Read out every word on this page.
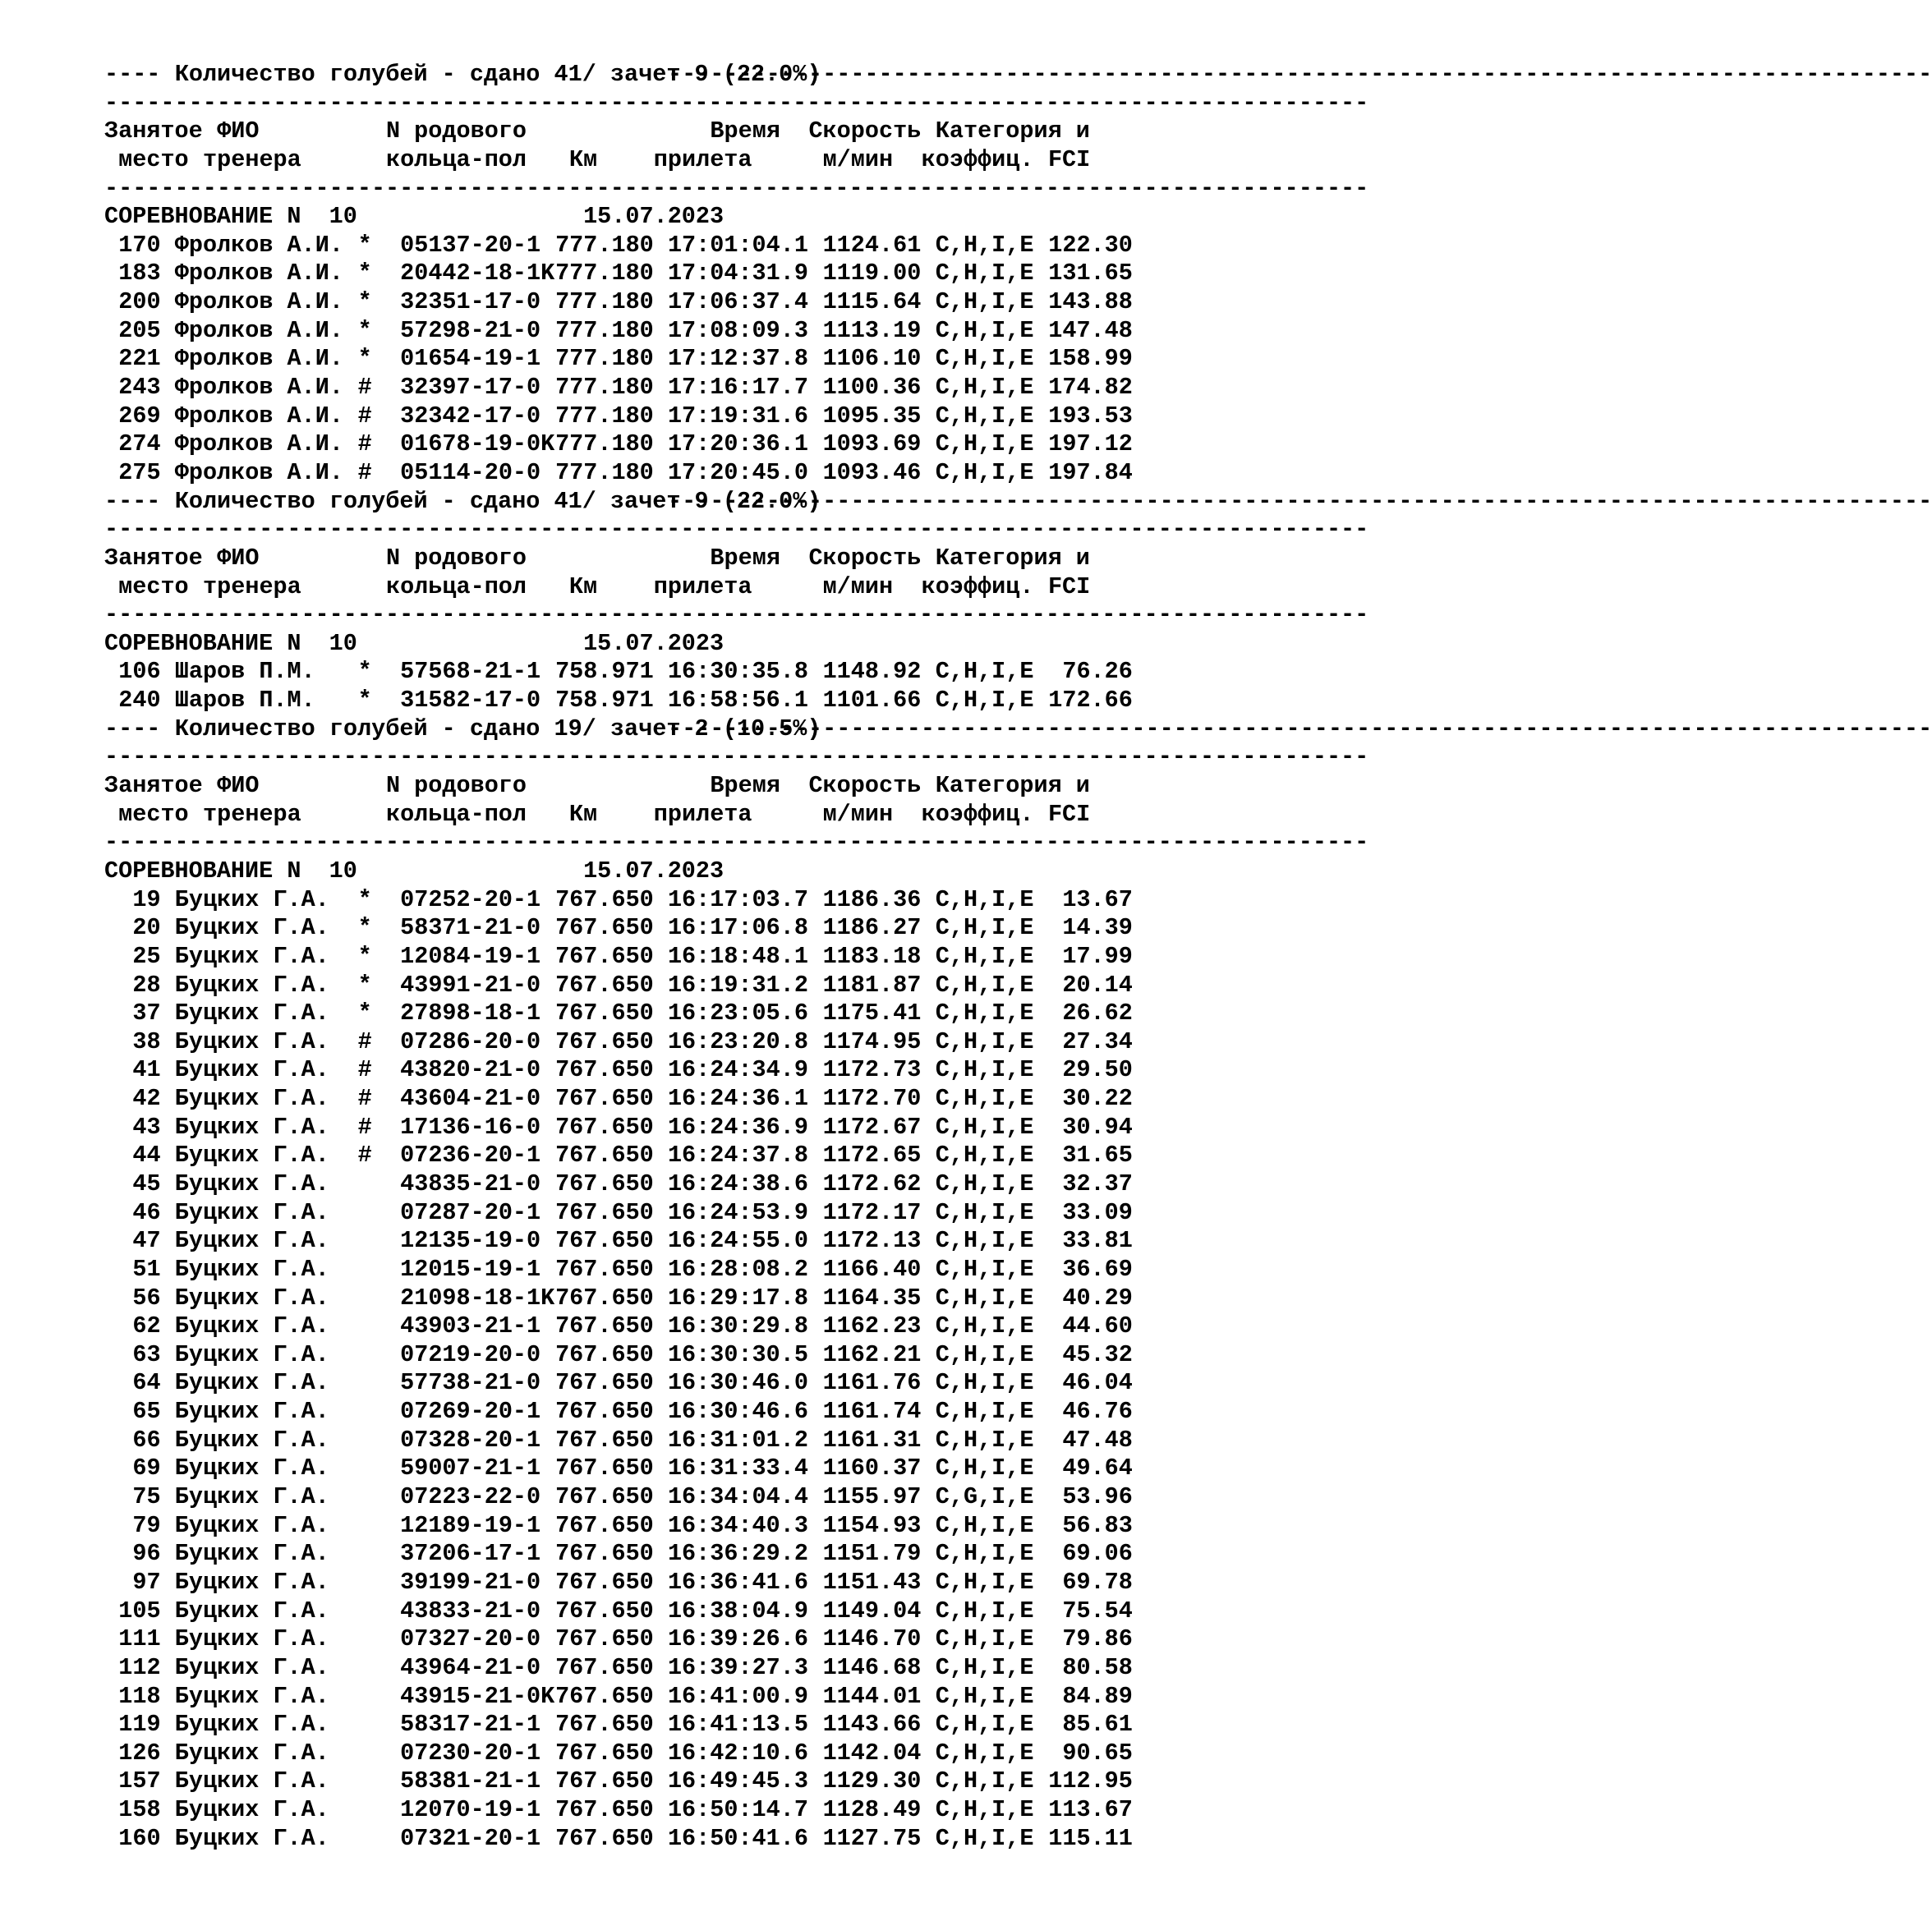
---- Количество голубей - сдано 41/ зачет 9 (22.0%)------------------------------------------------------------------------------------------
------------------------------------------------------------------------------------------
Занятое ФИО	N родового	Время Скорость Категория и
место тренера	кольца-пол Км прилета	м/мин коэффиц. FCI
------------------------------------------------------------------------------------------
СОРЕВНОВАНИЕ N  10	15.07.2023
170 Фролков А.И. * 05137-20-1 777.180 17:01:04.1 1124.61 C,H,I,E 122.30
183 Фролков А.И. * 20442-18-1K777.180 17:04:31.9 1119.00 C,H,I,E 131.65
200 Фролков А.И. * 32351-17-0 777.180 17:06:37.4 1115.64 C,H,I,E 143.88
205 Фролков А.И. * 57298-21-0 777.180 17:08:09.3 1113.19 C,H,I,E 147.48
221 Фролков А.И. * 01654-19-1 777.180 17:12:37.8 1106.10 C,H,I,E 158.99
243 Фролков А.И. # 32397-17-0 777.180 17:16:17.7 1100.36 C,H,I,E 174.82
269 Фролков А.И. # 32342-17-0 777.180 17:19:31.6 1095.35 C,H,I,E 193.53
274 Фролков А.И. # 01678-19-0K777.180 17:20:36.1 1093.69 C,H,I,E 197.12
275 Фролков А.И. # 05114-20-0 777.180 17:20:45.0 1093.46 C,H,I,E 197.84
---- Количество голубей - сдано 41/ зачет 9 (22.0%)------------------------------------------------------------------------------------------
------------------------------------------------------------------------------------------
Занятое ФИО	N родового	Время Скорость Категория и
место тренера	кольца-пол Км прилета	м/мин коэффиц. FCI
------------------------------------------------------------------------------------------
СОРЕВНОВАНИЕ N  10	15.07.2023
106 Шаров П.М. * 57568-21-1 758.971 16:30:35.8 1148.92 C,H,I,E 76.26
240 Шаров П.М. * 31582-17-0 758.971 16:58:56.1 1101.66 C,H,I,E 172.66
---- Количество голубей - сдано 19/ зачет 2 (10.5%)------------------------------------------------------------------------------------------
------------------------------------------------------------------------------------------
Занятое ФИО	N родового	Время Скорость Категория и
место тренера	кольца-пол Км прилета	м/мин коэффиц. FCI
------------------------------------------------------------------------------------------
СОРЕВНОВАНИЕ N  10	15.07.2023
19 Буцких Г.А. * 07252-20-1 767.650 16:17:03.7 1186.36 C,H,I,E 13.67
20 Буцких Г.А. * 58371-21-0 767.650 16:17:06.8 1186.27 C,H,I,E 14.39
25 Буцких Г.А. * 12084-19-1 767.650 16:18:48.1 1183.18 C,H,I,E 17.99
28 Буцких Г.А. * 43991-21-0 767.650 16:19:31.2 1181.87 C,H,I,E 20.14
37 Буцких Г.А. * 27898-18-1 767.650 16:23:05.6 1175.41 C,H,I,E 26.62
38 Буцких Г.А. # 07286-20-0 767.650 16:23:20.8 1174.95 C,H,I,E 27.34
41 Буцких Г.А. # 43820-21-0 767.650 16:24:34.9 1172.73 C,H,I,E 29.50
42 Буцких Г.А. # 43604-21-0 767.650 16:24:36.1 1172.70 C,H,I,E 30.22
43 Буцких Г.А. # 17136-16-0 767.650 16:24:36.9 1172.67 C,H,I,E 30.94
44 Буцких Г.А. # 07236-20-1 767.650 16:24:37.8 1172.65 C,H,I,E 31.65
45 Буцких Г.А.	43835-21-0 767.650 16:24:38.6 1172.62 C,H,I,E 32.37
46 Буцких Г.А.	07287-20-1 767.650 16:24:53.9 1172.17 C,H,I,E 33.09
47 Буцких Г.А.	12135-19-0 767.650 16:24:55.0 1172.13 C,H,I,E 33.81
51 Буцких Г.А.	12015-19-1 767.650 16:28:08.2 1166.40 C,H,I,E 36.69
56 Буцких Г.А.	21098-18-1K767.650 16:29:17.8 1164.35 C,H,I,E 40.29
62 Буцких Г.А.	43903-21-1 767.650 16:30:29.8 1162.23 C,H,I,E 44.60
63 Буцких Г.А.	07219-20-0 767.650 16:30:30.5 1162.21 C,H,I,E 45.32
64 Буцких Г.А.	57738-21-0 767.650 16:30:46.0 1161.76 C,H,I,E 46.04
65 Буцких Г.А.	07269-20-1 767.650 16:30:46.6 1161.74 C,H,I,E 46.76
66 Буцких Г.А.	07328-20-1 767.650 16:31:01.2 1161.31 C,H,I,E 47.48
69 Буцких Г.А.	59007-21-1 767.650 16:31:33.4 1160.37 C,H,I,E 49.64
75 Буцких Г.А.	07223-22-0 767.650 16:34:04.4 1155.97 C,G,I,E 53.96
79 Буцких Г.А.	12189-19-1 767.650 16:34:40.3 1154.93 C,H,I,E 56.83
96 Буцких Г.А.	37206-17-1 767.650 16:36:29.2 1151.79 C,H,I,E 69.06
97 Буцких Г.А.	39199-21-0 767.650 16:36:41.6 1151.43 C,H,I,E 69.78
105 Буцких Г.А.	43833-21-0 767.650 16:38:04.9 1149.04 C,H,I,E 75.54
111 Буцких Г.А.	07327-20-0 767.650 16:39:26.6 1146.70 C,H,I,E 79.86
112 Буцких Г.А.	43964-21-0 767.650 16:39:27.3 1146.68 C,H,I,E 80.58
118 Буцких Г.А.	43915-21-0K767.650 16:41:00.9 1144.01 C,H,I,E 84.89
119 Буцких Г.А.	58317-21-1 767.650 16:41:13.5 1143.66 C,H,I,E 85.61
126 Буцких Г.А.	07230-20-1 767.650 16:42:10.6 1142.04 C,H,I,E 90.65
157 Буцких Г.А.	58381-21-1 767.650 16:49:45.3 1129.30 C,H,I,E 112.95
158 Буцких Г.А.	12070-19-1 767.650 16:50:14.7 1128.49 C,H,I,E 113.67
160 Буцких Г.А.	07321-20-1 767.650 16:50:41.6 1127.75 C,H,I,E 115.11
